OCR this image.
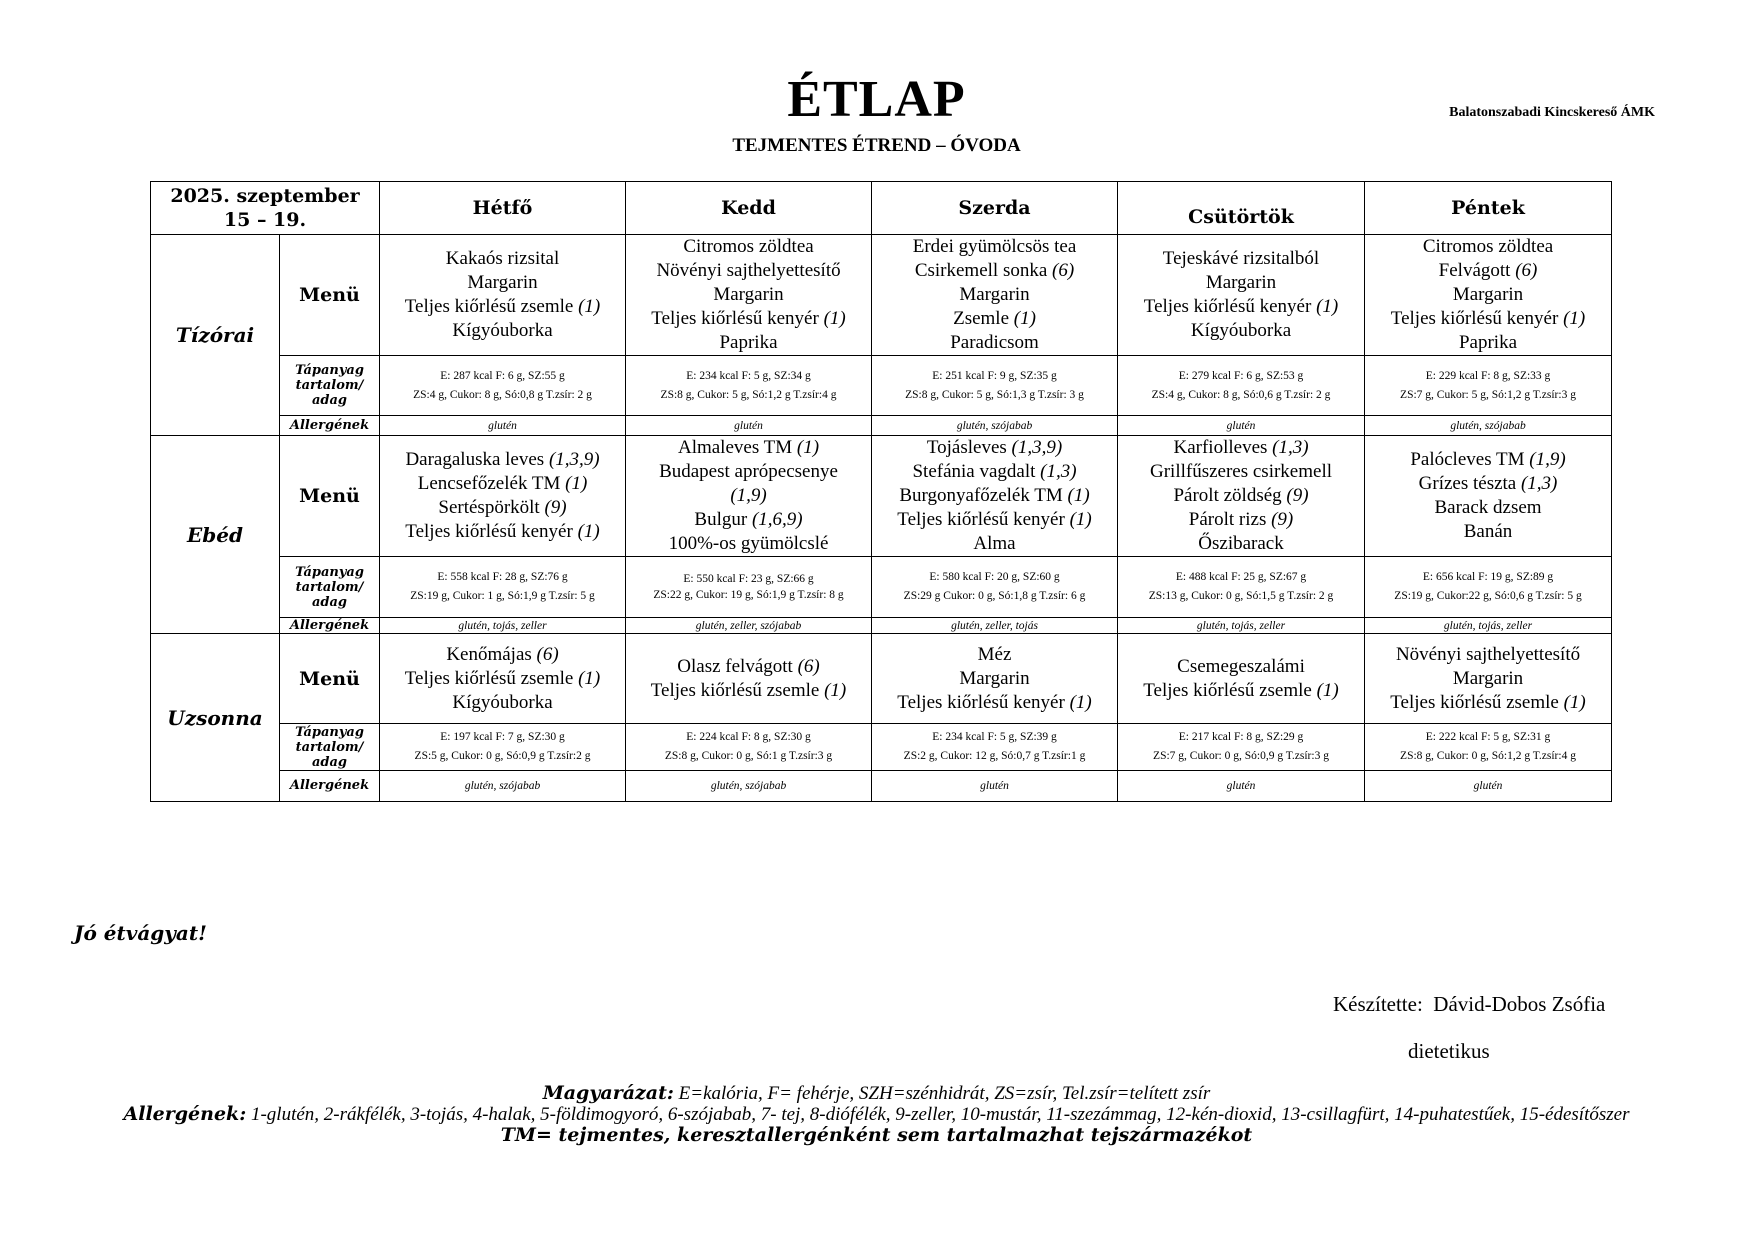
ÉTLAP
TEJMENTES ÉTREND – ÓVODA
Balatonszabadi Kincskereső ÁMK
2025. szeptember
15 – 19.		Hétfő	Kedd	Szerda	Csütörtök	Péntek
Tízórai	Menü	Kakaós rizsital
Margarin
Teljes kiőrlésű zsemle (1)
Kígyóuborka	Citromos zöldtea
Növényi sajthelyettesítő
Margarin
Teljes kiőrlésű kenyér (1)
Paprika	Erdei gyümölcsös tea
Csirkemell sonka (6)
Margarin
Zsemle (1)
Paradicsom	Tejeskávé rizsitalból
Margarin
Teljes kiőrlésű kenyér (1)
Kígyóuborka	Citromos zöldtea
Felvágott (6)
Margarin
Teljes kiőrlésű kenyér (1)
Paprika

	Tápanyag
tartalom/
adag	E: 287 kcal F: 6 g, SZ:55 g
ZS:4 g, Cukor: 8 g, Só:0,8 g T.zsír: 2 g	E: 234 kcal F: 5 g, SZ:34 g
ZS:8 g, Cukor: 5 g, Só:1,2 g T.zsír:4 g	E: 251 kcal F: 9 g, SZ:35 g
ZS:8 g, Cukor: 5 g, Só:1,3 g T.zsír: 3 g	E: 279 kcal F: 6 g, SZ:53 g
ZS:4 g, Cukor: 8 g, Só:0,6 g T.zsír: 2 g	E: 229 kcal F: 8 g, SZ:33 g
ZS:7 g, Cukor: 5 g, Só:1,2 g T.zsír:3 g

	Allergének	glutén	glutén	glutén, szójabab	glutén	glutén, szójabab
Ebéd	Menü	Daragaluska leves (1,3,9)
Lencsefőzelék TM (1)
Sertéspörkölt (9)
Teljes kiőrlésű kenyér (1)	Almaleves TM (1)
Budapest aprópecsenye
(1,9)
Bulgur (1,6,9)
100%-os gyümölcslé	Tojásleves (1,3,9)
Stefánia vagdalt (1,3)
Burgonyafőzelék TM (1)
Teljes kiőrlésű kenyér (1)
Alma	Karfiolleves (1,3)
Grillfűszeres csirkemell
Párolt zöldség (9)
Párolt rizs (9)
Őszibarack	Palócleves TM (1,9)
Grízes tészta (1,3)
Barack dzsem
Banán

	Tápanyag
tartalom/
adag	E: 558 kcal F: 28 g, SZ:76 g
ZS:19 g, Cukor: 1 g, Só:1,9 g T.zsír: 5 g	E: 550 kcal F: 23 g, SZ:66 g
ZS:22 g, Cukor: 19 g, Só:1,9 g T.zsír: 8 g	E: 580 kcal F: 20 g, SZ:60 g
ZS:29 g Cukor: 0 g, Só:1,8 g T.zsír: 6 g	E: 488 kcal F: 25 g, SZ:67 g
ZS:13 g, Cukor: 0 g, Só:1,5 g T.zsír: 2 g	E: 656 kcal F: 19 g, SZ:89 g
ZS:19 g, Cukor:22 g, Só:0,6 g T.zsír: 5 g

	Allergének	glutén, tojás, zeller	glutén, zeller, szójabab	glutén, zeller, tojás	glutén, tojás, zeller	glutén, tojás, zeller
Uzsonna	Menü	Kenőmájas (6)
Teljes kiőrlésű zsemle (1)
Kígyóuborka	Olasz felvágott (6)
Teljes kiőrlésű zsemle (1)	Méz
Margarin
Teljes kiőrlésű kenyér (1)	Csemegeszalámi
Teljes kiőrlésű zsemle (1)	Növényi sajthelyettesítő
Margarin
Teljes kiőrlésű zsemle (1)

	Tápanyag
tartalom/
adag	E: 197 kcal F: 7 g, SZ:30 g
ZS:5 g, Cukor: 0 g, Só:0,9 g T.zsír:2 g	E: 224 kcal F: 8 g, SZ:30 g
ZS:8 g, Cukor: 0 g, Só:1 g T.zsír:3 g	E: 234 kcal F: 5 g, SZ:39 g
ZS:2 g, Cukor: 12 g, Só:0,7 g T.zsír:1 g	E: 217 kcal F: 8 g, SZ:29 g
ZS:7 g, Cukor: 0 g, Só:0,9 g T.zsír:3 g	E: 222 kcal F: 5 g, SZ:31 g
ZS:8 g, Cukor: 0 g, Só:1,2 g T.zsír:4 g

	Allergének	glutén, szójabab	glutén, szójabab	glutén	glutén	glutén
Jó étvágyat!
Készítette:  Dávid-Dobos Zsófia
dietetikus
Magyarázat: E=kalória, F= fehérje, SZH=szénhidrát, ZS=zsír, Tel.zsír=telített zsír
Allergének: 1-glutén, 2-rákfélék, 3-tojás, 4-halak, 5-földimogyoró, 6-szójabab, 7- tej, 8-diófélék, 9-zeller, 10-mustár, 11-szezámmag, 12-kén-dioxid, 13-csillagfürt, 14-puhatestűek, 15-édesítőszer
TM= tejmentes, keresztallergénként sem tartalmazhat tejszármazékot
